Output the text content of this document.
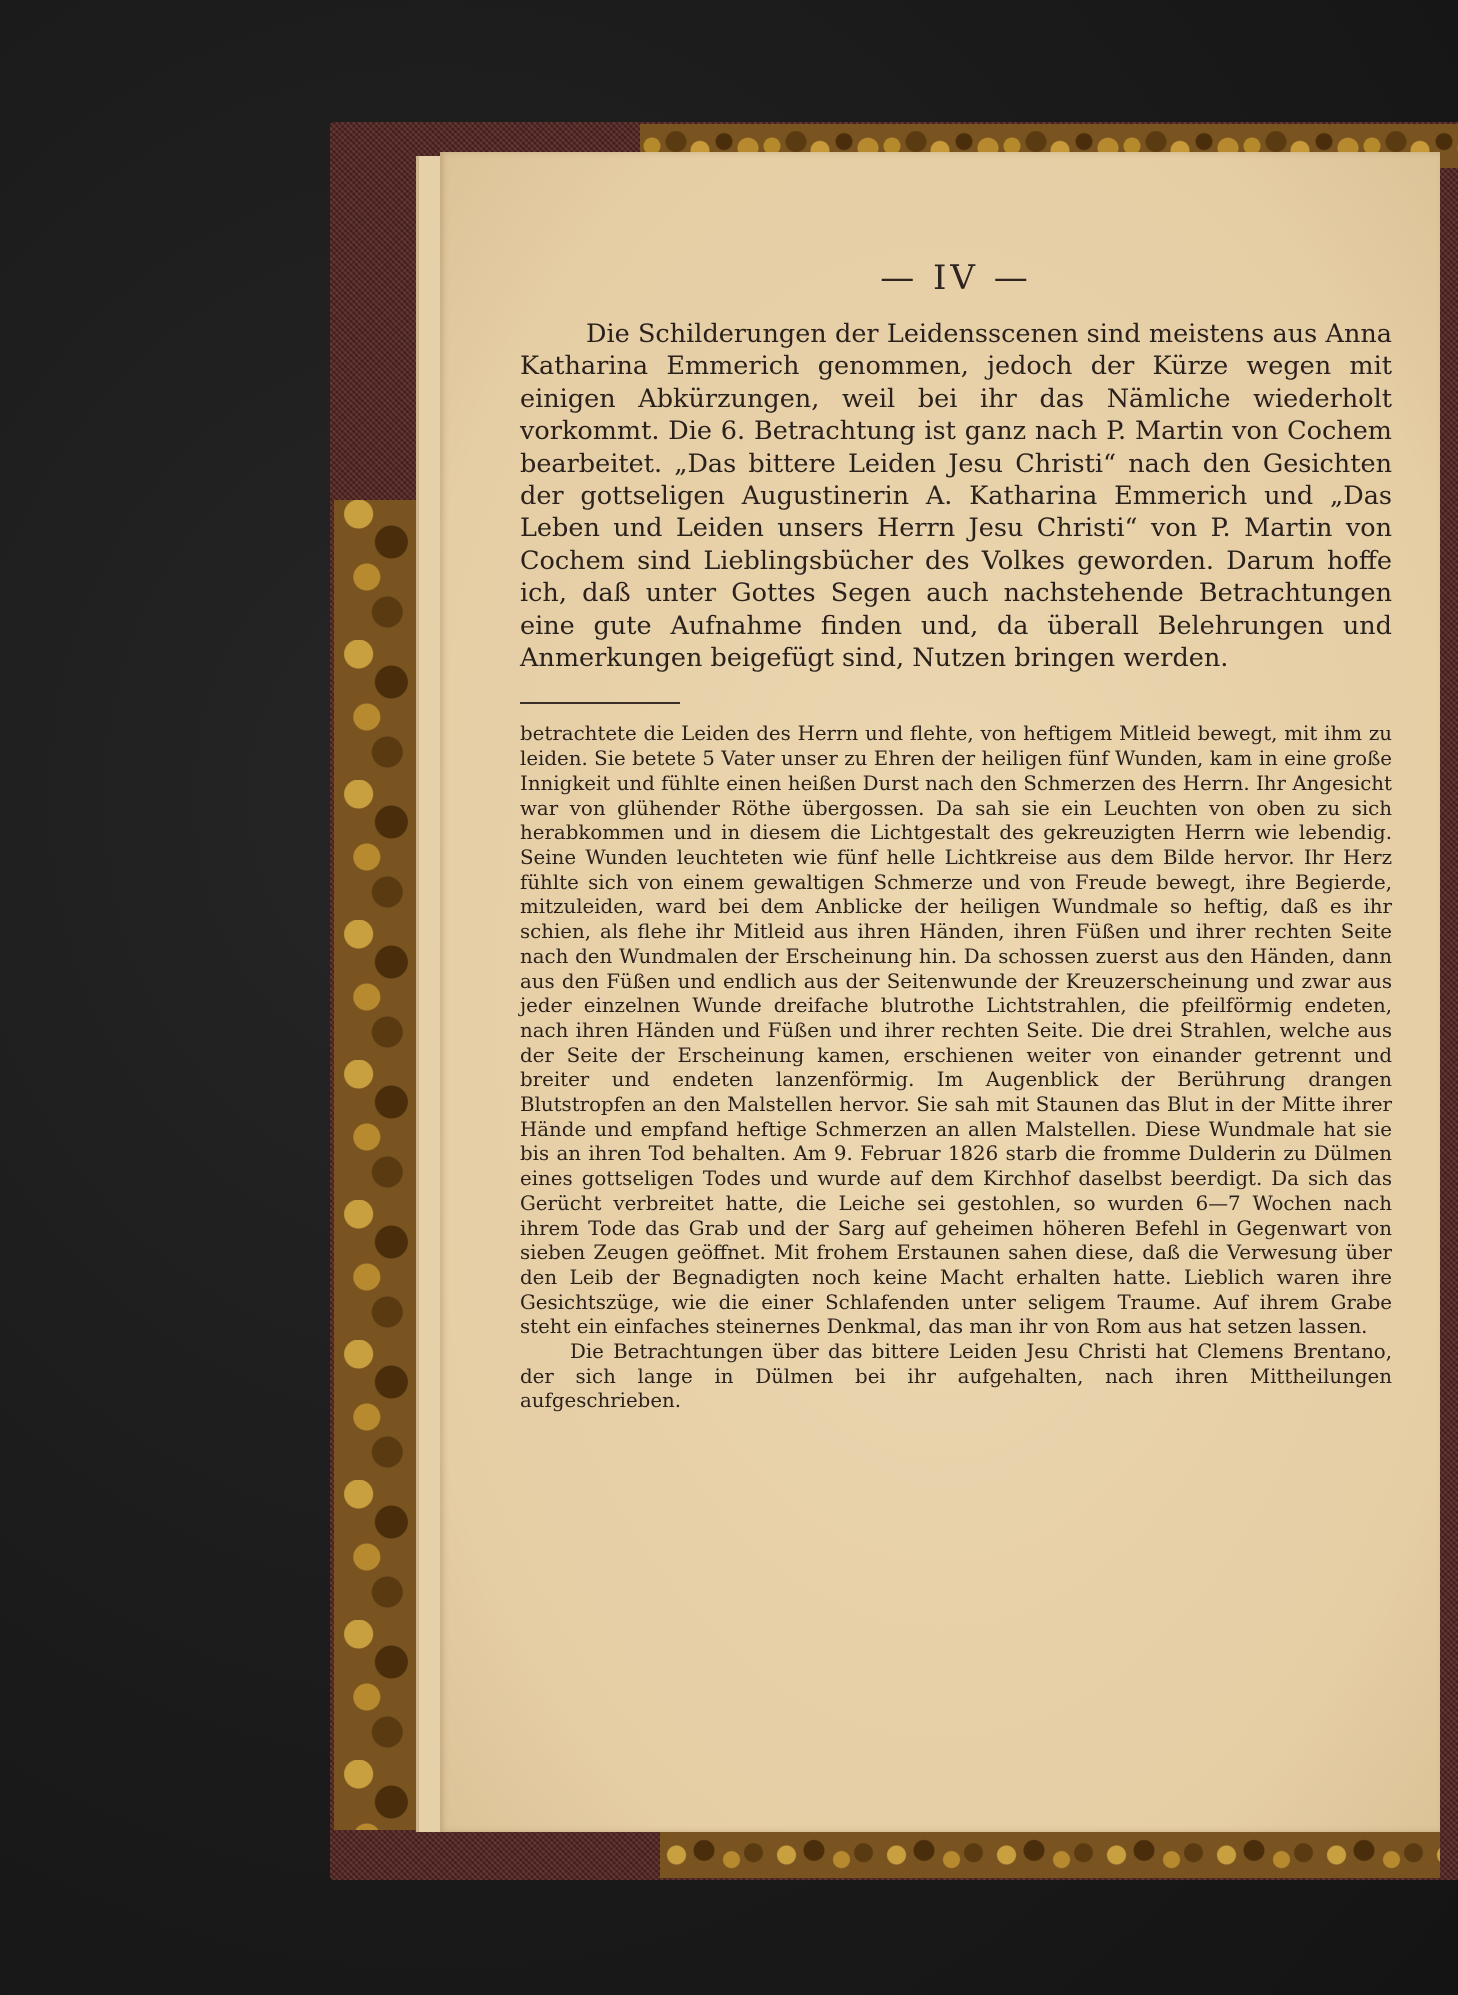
— IV —

Die Schilderungen der Leidensscenen sind meistens aus Anna Katharina Emmerich genommen, jedoch der Kürze wegen mit einigen Abkürzungen, weil bei ihr das Nämliche wiederholt vorkommt. Die 6. Betrachtung ist ganz nach P. Martin von Cochem bearbeitet. „Das bittere Leiden Jesu Christi“ nach den Gesichten der gottseligen Augustinerin A. Katharina Emmerich und „Das Leben und Leiden unsers Herrn Jesu Christi“ von P. Martin von Cochem sind Lieblingsbücher des Volkes geworden. Darum hoffe ich, daß unter Gottes Segen auch nachstehende Betrachtungen eine gute Aufnahme finden und, da überall Belehrungen und Anmerkungen beigefügt sind, Nutzen bringen werden.

betrachtete die Leiden des Herrn und flehte, von heftigem Mitleid bewegt, mit ihm zu leiden. Sie betete 5 Vater unser zu Ehren der heiligen fünf Wunden, kam in eine große Innigkeit und fühlte einen heißen Durst nach den Schmerzen des Herrn. Ihr Angesicht war von glühender Röthe übergossen. Da sah sie ein Leuchten von oben zu sich herabkommen und in diesem die Lichtgestalt des gekreuzigten Herrn wie lebendig. Seine Wunden leuchteten wie fünf helle Lichtkreise aus dem Bilde hervor. Ihr Herz fühlte sich von einem gewaltigen Schmerze und von Freude bewegt, ihre Begierde, mitzuleiden, ward bei dem Anblicke der heiligen Wundmale so heftig, daß es ihr schien, als flehe ihr Mitleid aus ihren Händen, ihren Füßen und ihrer rechten Seite nach den Wundmalen der Erscheinung hin. Da schossen zuerst aus den Händen, dann aus den Füßen und endlich aus der Seitenwunde der Kreuzerscheinung und zwar aus jeder einzelnen Wunde dreifache blutrothe Lichtstrahlen, die pfeilförmig endeten, nach ihren Händen und Füßen und ihrer rechten Seite. Die drei Strahlen, welche aus der Seite der Erscheinung kamen, erschienen weiter von einander getrennt und breiter und endeten lanzenförmig. Im Augenblick der Berührung drangen Blutstropfen an den Malstellen hervor. Sie sah mit Staunen das Blut in der Mitte ihrer Hände und empfand heftige Schmerzen an allen Malstellen. Diese Wundmale hat sie bis an ihren Tod behalten. Am 9. Februar 1826 starb die fromme Dulderin zu Dülmen eines gottseligen Todes und wurde auf dem Kirchhof daselbst beerdigt. Da sich das Gerücht verbreitet hatte, die Leiche sei gestohlen, so wurden 6—7 Wochen nach ihrem Tode das Grab und der Sarg auf geheimen höheren Befehl in Gegenwart von sieben Zeugen geöffnet. Mit frohem Erstaunen sahen diese, daß die Verwesung über den Leib der Begnadigten noch keine Macht erhalten hatte. Lieblich waren ihre Gesichtszüge, wie die einer Schlafenden unter seligem Traume. Auf ihrem Grabe steht ein einfaches steinernes Denkmal, das man ihr von Rom aus hat setzen lassen.

Die Betrachtungen über das bittere Leiden Jesu Christi hat Clemens Brentano, der sich lange in Dülmen bei ihr aufgehalten, nach ihren Mittheilungen aufgeschrieben.
